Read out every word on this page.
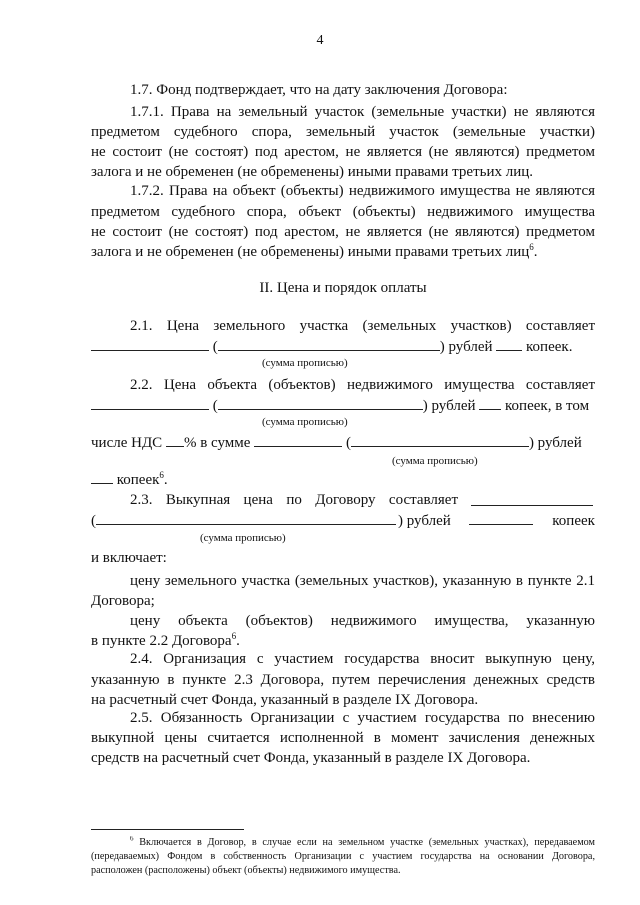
4
1.7. Фонд подтверждает, что на дату заключения Договора:
1.7.1. Права на земельный участок (земельные участки) не являются
предметом судебного спора, земельный участок (земельные участки)
не состоит (не состоят) под арестом, не является (не являются) предметом
залога и не обременен (не обременены) иными правами третьих лиц.
1.7.2. Права на объект (объекты) недвижимого имущества не являются
предметом судебного спора, объект (объекты) недвижимого имущества
не состоит (не состоят) под арестом, не является (не являются) предметом
залога и не обременен (не обременены) иными правами третьих лиц$^6$.
II. Цена и порядок оплаты
2.1. Цена земельного участка (земельных участков) составляет
(	) рублей копеек.
(сумма прописью)
2.2. Цена объекта (объектов) недвижимого имущества составляет
(	) рублей копеек, в том
(сумма прописью)
числе НДС % в сумме	(	) рублей
(сумма прописью)
копеек$^6$.
2.3. Выкупная цена по Договору составляет
(	) рублей	копеек
(сумма прописью)
и включает:
цену земельного участка (земельных участков), указанную в пункте 2.1
Договора;
цену объекта (объектов) недвижимого имущества, указанную
в пункте 2.2 Договора$^6$.
2.4. Организация с участием государства вносит выкупную цену,
указанную в пункте 2.3 Договора, путем перечисления денежных средств
на расчетный счет Фонда, указанный в разделе IX Договора.
2.5. Обязанность Организации с участием государства по внесению
выкупной цены считается исполненной в момент зачисления денежных
средств на расчетный счет Фонда, указанный в разделе IX Договора.
$^6$ Включается в Договор, в случае если на земельном участке (земельных участках), передаваемом
(передаваемых) Фондом в собственность Организации с участием государства на основании Договора,
расположен (расположены) объект (объекты) недвижимого имущества.
